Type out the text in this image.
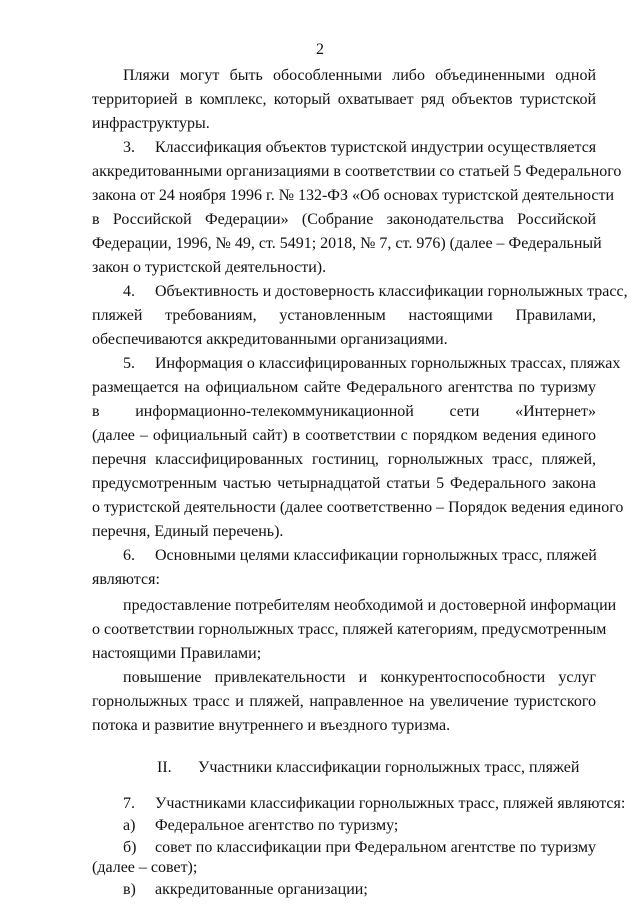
2
Пляжи могут быть обособленными либо объединенными одной
территорией в комплекс, который охватывает ряд объектов туристской
инфраструктуры.
3. Классификация объектов туристской индустрии осуществляется
аккредитованными организациями в соответствии со статьей 5 Федерального
закона от 24 ноября 1996 г. № 132-ФЗ «Об основах туристской деятельности
в Российской Федерации» (Собрание законодательства Российской
Федерации, 1996, № 49, ст. 5491; 2018, № 7, ст. 976) (далее – Федеральный
закон о туристской деятельности).
4. Объективность и достоверность классификации горнолыжных трасс,
пляжей требованиям, установленным настоящими Правилами,
обеспечиваются аккредитованными организациями.
5. Информация о классифицированных горнолыжных трассах, пляжах
размещается на официальном сайте Федерального агентства по туризму
в информационно-телекоммуникационной сети «Интернет»
(далее – официальный сайт) в соответствии с порядком ведения единого
перечня классифицированных гостиниц, горнолыжных трасс, пляжей,
предусмотренным частью четырнадцатой статьи 5 Федерального закона
о туристской деятельности (далее соответственно – Порядок ведения единого
перечня, Единый перечень).
6. Основными целями классификации горнолыжных трасс, пляжей
являются:
предоставление потребителям необходимой и достоверной информации
о соответствии горнолыжных трасс, пляжей категориям, предусмотренным
настоящими Правилами;
повышение привлекательности и конкурентоспособности услуг
горнолыжных трасс и пляжей, направленное на увеличение туристского
потока и развитие внутреннего и въездного туризма.
II. Участники классификации горнолыжных трасс, пляжей
7. Участниками классификации горнолыжных трасс, пляжей являются:
а) Федеральное агентство по туризму;
б) совет по классификации при Федеральном агентстве по туризму
(далее – совет);
в) аккредитованные организации;
